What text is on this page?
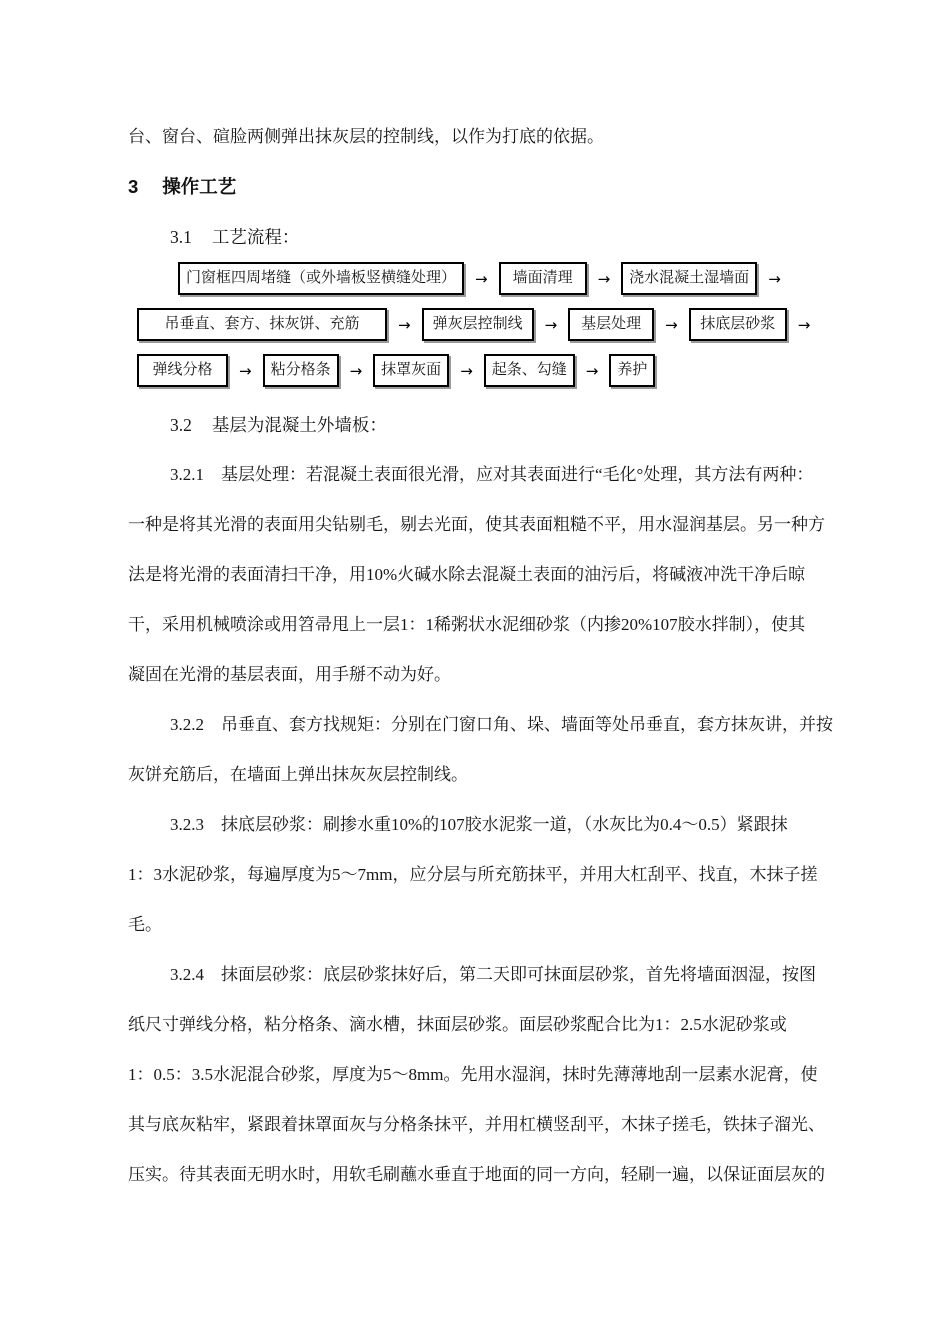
台、窗台、碹脸两侧弹出抹灰层的控制线，以作为打底的依据。
3 操作工艺
3.1 工艺流程：
门窗框四周堵缝（或外墙板竖横缝处理）	→	墙面清理	→	浇水混凝土湿墙面	→
吊垂直、套方、抹灰饼、充筋	→	弹灰层控制线	→	基层处理	→	抹底层砂浆	→
弹线分格	→	粘分格条	→	抹罩灰面	→	起条、勾缝	→	养护
3.2 基层为混凝土外墙板：
3.2.1　基层处理：若混凝土表面很光滑，应对其表面进行“毛化°处理，其方法有两种：
一种是将其光滑的表面用尖钻剔毛，剔去光面，使其表面粗糙不平，用水湿润基层。另一种方
法是将光滑的表面清扫干净，用10%火碱水除去混凝土表面的油污后，将碱液冲洗干净后晾
干，采用机械喷涂或用笤帚甩上一层1：1稀粥状水泥细砂浆（内掺20%107胶水拌制），使其
凝固在光滑的基层表面，用手掰不动为好。
3.2.2　吊垂直、套方找规矩：分别在门窗口角、垛、墙面等处吊垂直，套方抹灰讲，并按
灰饼充筋后，在墙面上弹出抹灰灰层控制线。
3.2.3　抹底层砂浆：刷掺水重10%的107胶水泥浆一道，（水灰比为0.4～0.5）紧跟抹
1：3水泥砂浆，每遍厚度为5～7mm，应分层与所充筋抹平，并用大杠刮平、找直，木抹子搓
毛。
3.2.4　抹面层砂浆：底层砂浆抹好后，第二天即可抹面层砂浆，首先将墙面洇湿，按图
纸尺寸弹线分格，粘分格条、滴水槽，抹面层砂浆。面层砂浆配合比为1：2.5水泥砂浆或
1：0.5：3.5水泥混合砂浆，厚度为5～8mm。先用水湿润，抹时先薄薄地刮一层素水泥膏，使
其与底灰粘牢，紧跟着抹罩面灰与分格条抹平，并用杠横竖刮平，木抹子搓毛，铁抹子溜光、
压实。待其表面无明水时，用软毛刷蘸水垂直于地面的同一方向，轻刷一遍，以保证面层灰的
